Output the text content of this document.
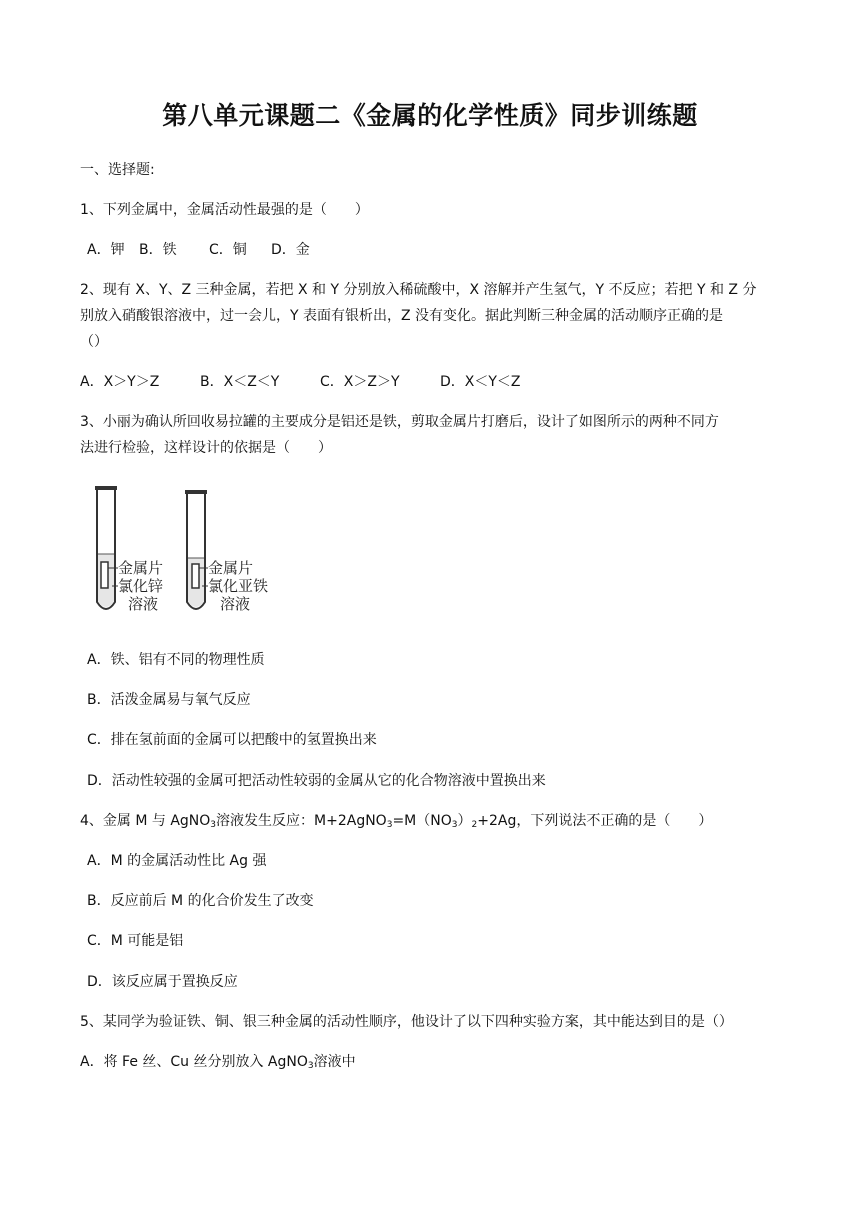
第八单元课题二《金属的化学性质》同步训练题
一、选择题:
1、下列金属中，金属活动性最强的是（　　）
A．钾 B．铁 C．铜 D．金
2、现有 X、Y、Z 三种金属，若把 X 和 Y 分别放入稀硫酸中，X 溶解并产生氢气，Y 不反应；若把 Y 和 Z 分
别放入硝酸银溶液中，过一会儿，Y 表面有银析出，Z 没有变化。据此判断三种金属的活动顺序正确的是
（）
A．X＞Y＞Z	B．X＜Z＜Y	C．X＞Z＞Y	D．X＜Y＜Z
3、小丽为确认所回收易拉罐的主要成分是铝还是铁，剪取金属片打磨后，设计了如图所示的两种不同方
法进行检验，这样设计的依据是（　　）
金属片
氯化锌
溶液
金属片
氯化亚铁
溶液
A．铁、铝有不同的物理性质
B．活泼金属易与氧气反应
C．排在氢前面的金属可以把酸中的氢置换出来
D．活动性较强的金属可把活动性较弱的金属从它的化合物溶液中置换出来
4、金属 M 与 AgNO$_3$溶液发生反应：$M+2AgNO_3=M(NO_3)_2+2Ag$，下列说法不正确的是（　　）
A．M 的金属活动性比 Ag 强
B．反应前后 M 的化合价发生了改变
C．M 可能是铝
D．该反应属于置换反应
5、某同学为验证铁、铜、银三种金属的活动性顺序，他设计了以下四种实验方案，其中能达到目的是（）
A．将 Fe 丝、Cu 丝分别放入 AgNO$_3$溶液中
